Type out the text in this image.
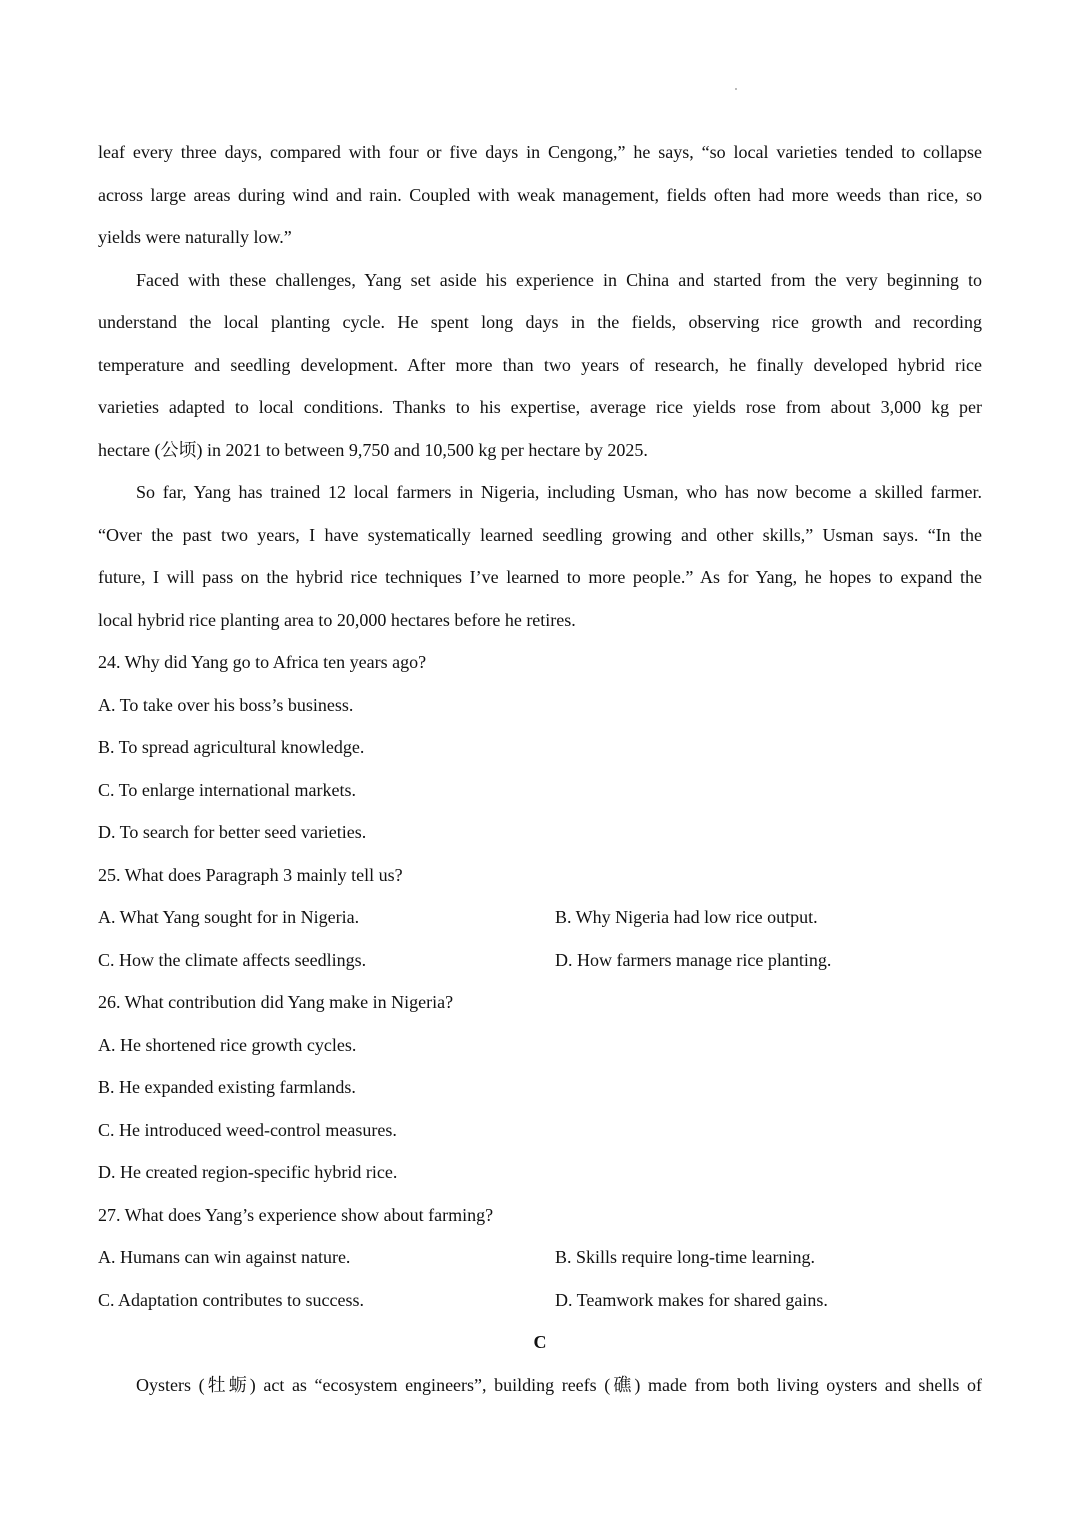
leaf every three days, compared with four or five days in Cengong,” he says, “so local varieties tended to collapse
across large areas during wind and rain. Coupled with weak management, fields often had more weeds than rice, so
yields were naturally low.”
Faced with these challenges, Yang set aside his experience in China and started from the very beginning to
understand the local planting cycle. He spent long days in the fields, observing rice growth and recording
temperature and seedling development. After more than two years of research, he finally developed hybrid rice
varieties adapted to local conditions. Thanks to his expertise, average rice yields rose from about 3,000 kg per
hectare (公顷) in 2021 to between 9,750 and 10,500 kg per hectare by 2025.
So far, Yang has trained 12 local farmers in Nigeria, including Usman, who has now become a skilled farmer.
“Over the past two years, I have systematically learned seedling growing and other skills,” Usman says. “In the
future, I will pass on the hybrid rice techniques I’ve learned to more people.” As for Yang, he hopes to expand the
local hybrid rice planting area to 20,000 hectares before he retires.
24. Why did Yang go to Africa ten years ago?
A. To take over his boss’s business.
B. To spread agricultural knowledge.
C. To enlarge international markets.
D. To search for better seed varieties.
25. What does Paragraph 3 mainly tell us?
A. What Yang sought for in Nigeria.	B. Why Nigeria had low rice output.
C. How the climate affects seedlings.	D. How farmers manage rice planting.
26. What contribution did Yang make in Nigeria?
A. He shortened rice growth cycles.
B. He expanded existing farmlands.
C. He introduced weed-control measures.
D. He created region-specific hybrid rice.
27. What does Yang’s experience show about farming?
A. Humans can win against nature.	B. Skills require long-time learning.
C. Adaptation contributes to success.	D. Teamwork makes for shared gains.
C
Oysters (牡蛎) act as “ecosystem engineers”, building reefs (礁) made from both living oysters and shells of
